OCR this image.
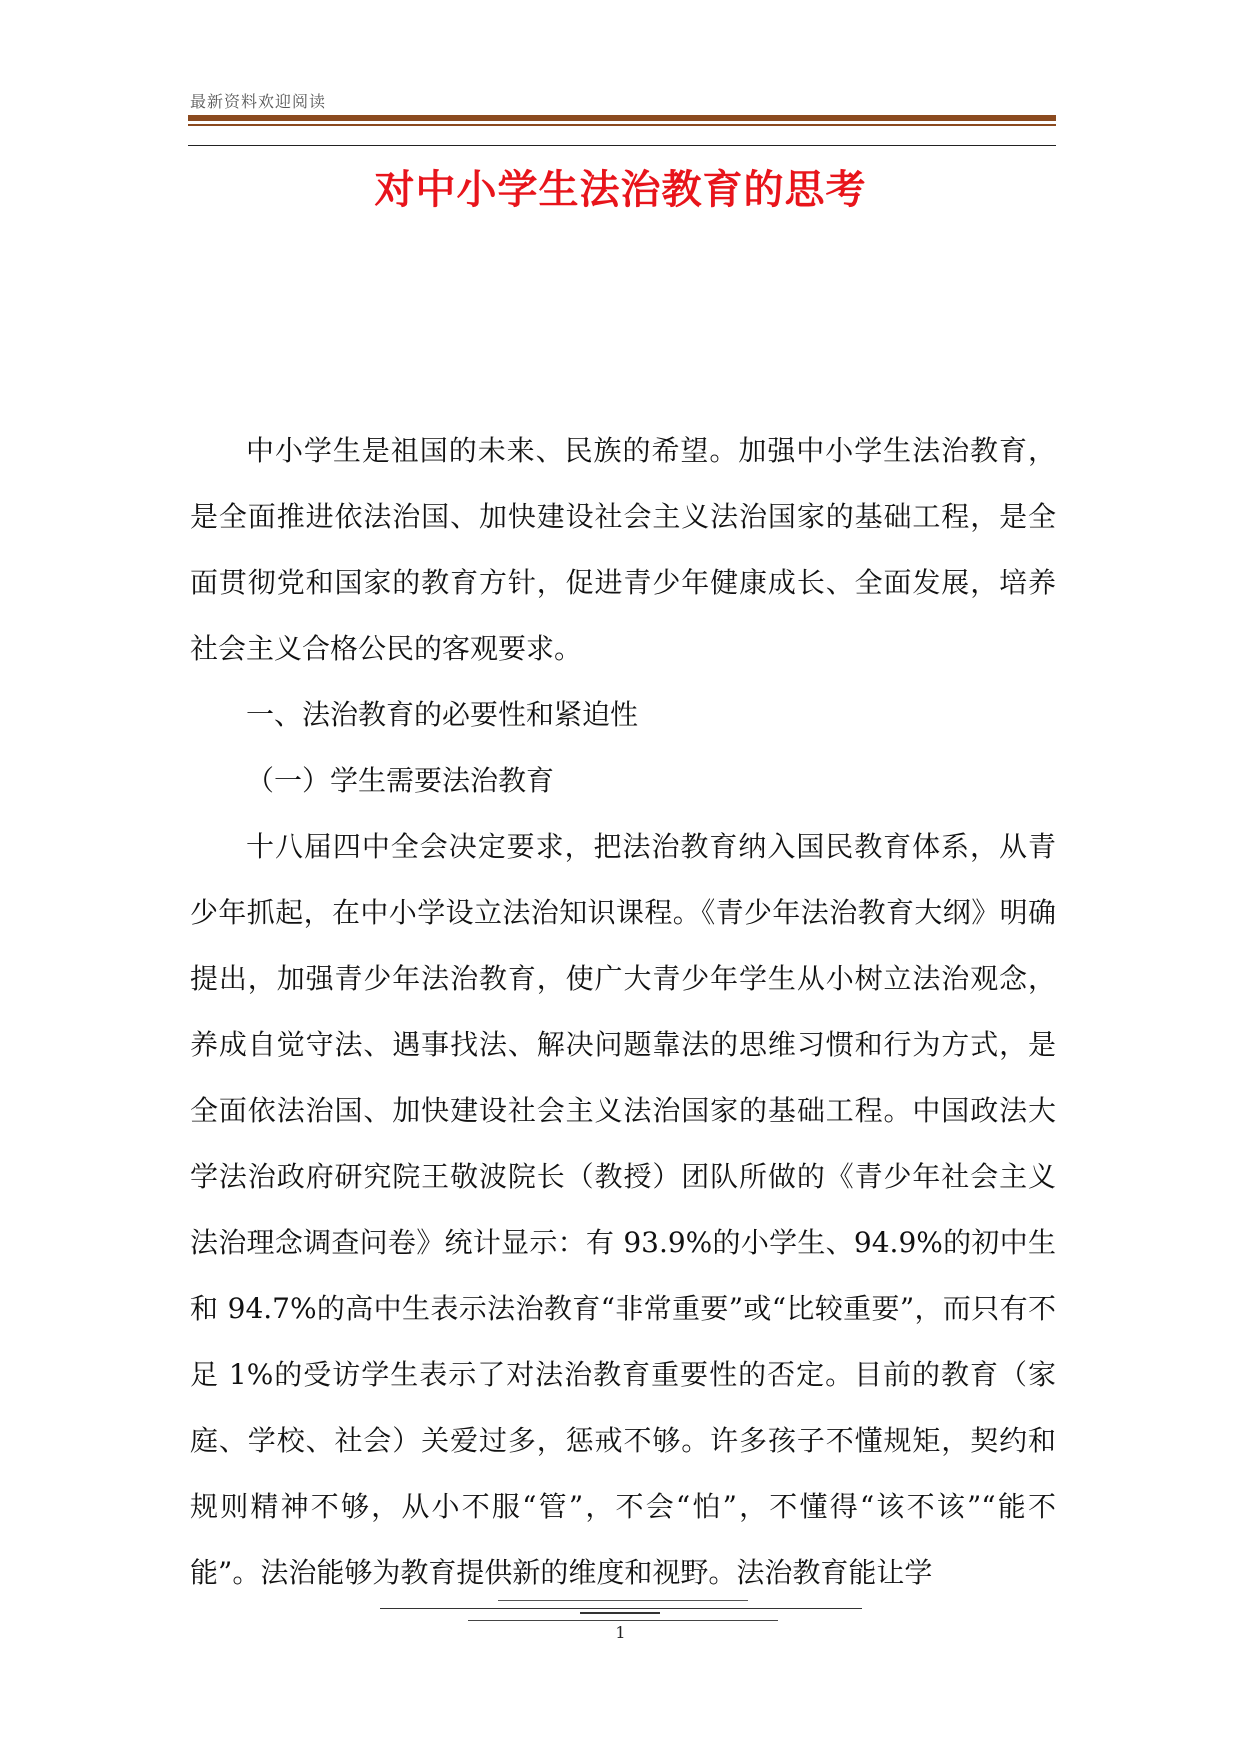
最新资料欢迎阅读
对中小学生法治教育的思考

中小学生是祖国的未来、民族的希望。加强中小学生法治教育，是全面推进依法治国、加快建设社会主义法治国家的基础工程，是全面贯彻党和国家的教育方针，促进青少年健康成长、全面发展，培养社会主义合格公民的客观要求。

一、法治教育的必要性和紧迫性

（一）学生需要法治教育

十八届四中全会决定要求，把法治教育纳入国民教育体系，从青少年抓起，在中小学设立法治知识课程。《青少年法治教育大纲》明确提出，加强青少年法治教育，使广大青少年学生从小树立法治观念，养成自觉守法、遇事找法、解决问题靠法的思维习惯和行为方式，是全面依法治国、加快建设社会主义法治国家的基础工程。中国政法大学法治政府研究院王敬波院长（教授）团队所做的《青少年社会主义法治理念调查问卷》统计显示：有 93.9%的小学生、94.9%的初中生和 94.7%的高中生表示法治教育“非常重要”或“比较重要”，而只有不足 1%的受访学生表示了对法治教育重要性的否定。目前的教育（家庭、学校、社会）关爱过多，惩戒不够。许多孩子不懂规矩，契约和规则精神不够，从小不服“管”，不会“怕”，不懂得“该不该”“能不能”。法治能够为教育提供新的维度和视野。法治教育能让学

1
